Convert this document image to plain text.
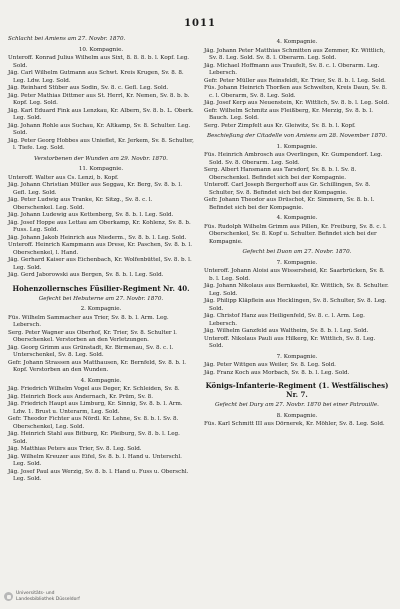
1011
Schlacht bei Amiens am 27. Novbr. 1870.
10. Kompagnie.
Unteroff. Konrad Julius Wilhelm aus Sixt, 8. 8. 8. b. l. Kopf. Leg. Sold.
Jäg. Carl Wilhelm Gutmann aus Schwt. Kreis Krugen, Sv. 8. 8. Leg. Ldw. Leg. Sold.
Jäg. Reinhard Stüber aus Sodin, Sv. 8. c. Gefl. Leg. Sold.
Jäg. Peter Mathias Dittmer aus St. Herrl, Kr. Nemen, Sv. 8. b. b. Kopf. Leg. Sold.
Jäg. Karl Eduard Fink aus Lenzkau, Kr. Albern, Sv. 8. b. L. Oberk. Leg. Sold.
Jäg. Johann Rohle aus Suchau, Kr. Altkamp, Sv. 8. Schulter. Leg. Sold.
Jäg. Peter Georg Hobbes aus Unieflet, Kr. Jerkem, Sv. 8. Schulter, l. Tiefe. Leg. Sold.
Verstorbenen der Wunden am 29. Novbr. 1870.
11. Kompagnie.
Unteroff. Walter aus Cs. Lenzi, b. Kopf.
Jäg. Johann Christian Müller aus Seggau, Kr. Berg, Sv. 8. b. l. Gefl. Leg. Sold.
Jäg. Peter Ludwig aus Tranke, Kr. Sitzg., Sv. 8. c. l. Oberschenkel. Leg. Sold.
Jäg. Johann Ludewig aus Kettenberg, Sv. 8. b. l. Leg. Sold.
Jäg. Josef Hoppe aus Lettau am Oberkamp, Kr. Kohlenz, Sv. 8. b. Fuss. Leg. Sold.
Jäg. Johann Jakob Heinrich aus Niederm., Sv. 8. b. l. Leg. Sold.
Unteroff. Heinrich Kampmann aus Drese, Kr. Paschen, Sv. 8. b. l. Oberschenkel, l. Hand.
Jäg. Gerhard Kaiser aus Eichenbach, Kr. Wolfenbüttel, Sv. 8. b. l. Leg. Sold.
Jäg. Gerd Jaborowski aus Bergen, Sv. 8. b. l. Leg. Sold.
Hohenzollernsches Füsilier-Regiment Nr. 40.
Gefecht bei Hebuterne am 27. Novbr. 1870.
2. Kompagnie.
Füs. Wilhelm Sammacher aus Trier, Sv. 8. b. l. Arm. Leg. Lebersch.
Serg. Peter Wagner aus Oberhof, Kr. Trier, Sv. 8. Schulter l. Oberschenkel. Verstorben an den Verletzungen.
Jäg. Georg Grimm aus Grünstadt, Kr. Birmenau, Sv. 8. c. l. Unterschenkel, Sv. 8. Leg. Sold.
Gefr. Johann Strassen aus Matthausen, Kr. Bernfeld, Sv. 8. b. l. Kopf. Verstorben an den Wunden.
4. Kompagnie.
Jäg. Friedrich Wilhelm Vogel aus Deger, Kr. Schleiden, Sv. 8.
Jäg. Heinrich Bock aus Andernach, Kr. Prüm, Sv. 8.
Jäg. Friedrich Haupt aus Limburg, Kr. Sinnig, Sv. 8. b. l. Arm. Ldw. 1. Brust u. Unterarm, Leg. Sold.
Gefr. Theodor Fichter aus Nördl. Kr. Lehne, Sv. 8. b. l. Sv. 8. Oberschenkel, Leg. Sold.
Jäg. Heinrich Stahl aus Bitburg, Kr. Pleiburg, Sv. 8. b. l. Leg. Sold.
Jäg. Matthias Peters aus Trier, Sv. 8. Leg. Sold.
Jäg. Wilhelm Kreuzer aus Eifel, Sv. 8. b. l. Hand u. Unterschl. Leg. Sold.
Jäg. Josef Paul aus Werzig, Sv. 8. b. l. Hand u. Fuss u. Oberschl. Leg. Sold.
4. Kompagnie.
Jäg. Johann Peter Matthias Schmitten aus Zemmer, Kr. Wittlich, Sv. 8. Leg. Sold. Sv. 8. l. Oberarm. Leg. Sold.
Jäg. Michael Hoffmann aus Traufelt, Sv. 8. c. l. Oberarm. Leg. Lebersch.
Gefr. Peter Müller aus Reinsfeldt, Kr. Trier, Sv. 8. b. l. Leg. Sold.
Füs. Johann Heinrich Thorßen aus Schwelten, Kreis Daun, Sv. 8. c. l. Oberarm, Sv. 8. Leg. Sold.
Jäg. Josef Kerp aus Neuenstein, Kr. Wittlich, Sv. 8. b. l. Leg. Sold.
Gefr. Wilhelm Schmitz aus Fleißberg, Kr. Merzig, Sv. 8. b. l. Bauch. Leg. Sold.
Serg. Peter Zimpfelt aus Kr. Gleiwitz, Sv. 8. b. l. Kopf.
Beschießung der Citadelle von Amiens am 28. November 1870.
1. Kompagnie.
Füs. Heinrich Ambrosch aus Overlingen, Kr. Gumpendorf. Leg. Sold. Sv. 8. Oberarm. Leg. Sold.
Serg. Albert Hansmann aus Tarsdorf, Sv. 8. b. l. Sv. 8. Oberschenkel. Befindet sich bei der Kompagnie.
Unteroff. Carl Joseph Bergerhoff aus Gr. Schillingen, Sv. 8. Schulter, Sv. 8. Befindet sich bei der Kompagnie.
Gefr. Johann Theodor aus Drüschot, Kr. Simmern, Sv. 8. b. l. Befindet sich bei der Kompagnie.
4. Kompagnie.
Füs. Rudolph Wilhelm Grimm aus Pillen, Kr. Freiburg, Sv. 8. c. l. Oberschenkel, Sv. 8. Kopf u. Schulter. Befindet sich bei der Kompagnie.
Gefecht bei Duon am 27. Novbr. 1870.
7. Kompagnie.
Unteroff. Johann Aloisi aus Wissersheid, Kr. Saarbrücken, Sv. 8. b. l. Leg. Sold.
Jäg. Johann Nikolaus aus Bernkastel, Kr. Wittlich, Sv. 8. Schulter. Leg. Sold.
Jäg. Philipp Kläpflein aus Hecklingen, Sv. 8. Schulter, Sv. 8. Leg. Sold.
Jäg. Christof Hanz aus Heiligenfeld, Sv. 8. c. l. Arm. Leg. Lebersch.
Jäg. Wilhelm Ganzfeld aus Waltheim, Sv. 8. b. l. Leg. Sold.
Unteroff. Nikolaus Pauli aus Hilkerg, Kr. Wittlich, Sv. 8. Leg. Sold.
7. Kompagnie.
Jäg. Peter Wittgen aus Weiler, Sv. 8. Leg. Sold.
Jäg. Franz Koch aus Morbach, Sv. 8. b. l. Leg. Sold.
Königs-Infanterie-Regiment (1. Westfälisches) Nr. 7.
Gefecht bei Dury am 27. Novbr. 1870 bei einer Patrouille.
8. Kompagnie.
Füs. Karl Schmitt III aus Dörnerek, Kr. Möhler, Sv. 8. Leg. Sold.
Universitäts- und
Landesbibliothek Düsseldorf
